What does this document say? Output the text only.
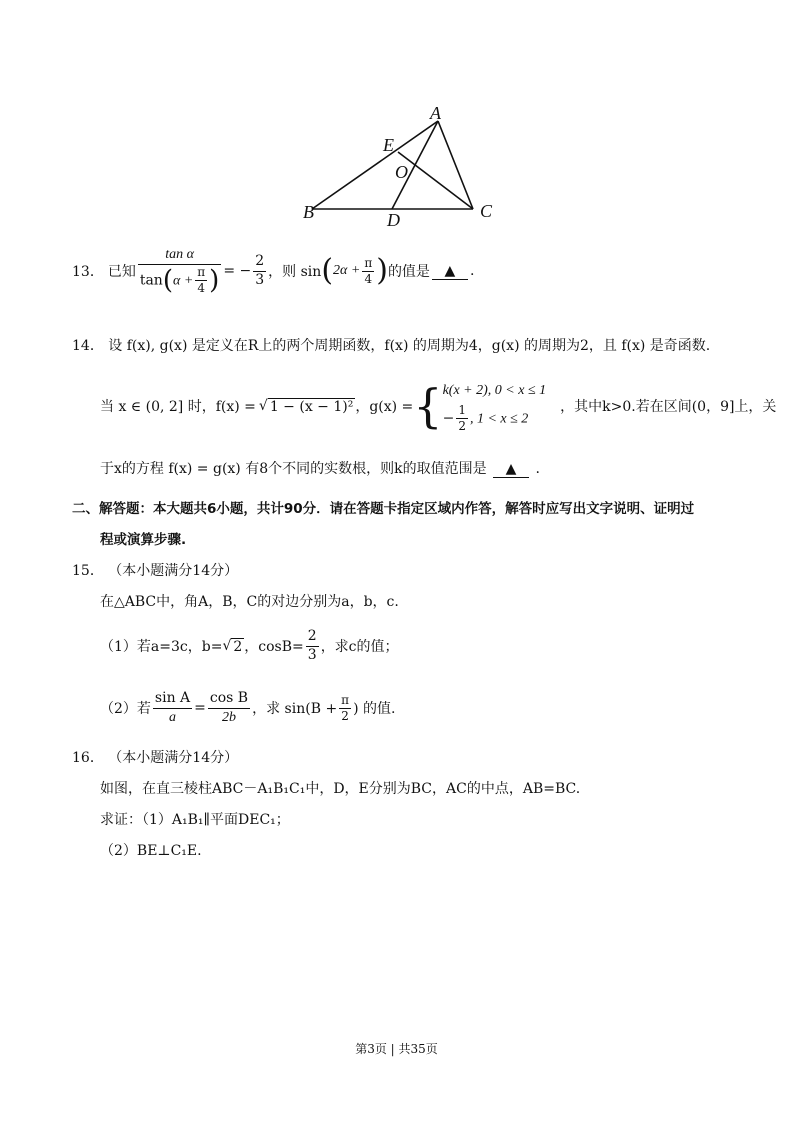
A
E
O
B	D	C
13． 已知 $\frac{\text{tan α}}{\tan(\alpha + \frac{\pi}{4} )}$ = − $\frac{2}{3}$ ，则 sin ( $2\alpha + \frac{\pi}{4}$ ) 的值是	▲	.
14． 设 f(x), g(x) 是定义在R上的两个周期函数，f(x) 的周期为4，g(x) 的周期为2，且 f(x) 是奇函数.
当 x ∈ (0, 2] 时，f(x) = √ 1 − (x − 1)² ，g(x) = { k(x + 2), 0 < x ≤ 1
− $\frac{1}{2}$ , 1 < x ≤ 2
，其中k>0.若在区间(0，9]上，关
于x的方程 f(x) = g(x) 有8个不同的实数根，则k的取值范围是 ▲ .
二、解答题：本大题共6小题，共计90分．请在答题卡指定区域内作答，解答时应写出文字说明、证明过
程或演算步骤.
15． （本小题满分14分）
在△ABC中，角A，B，C的对边分别为a，b，c.
（1）若a=3c，b= √ 2 ，$\cos B= \frac{2}{3}$ ，求c的值；
（2）若 $\frac{\text{sin A}}{a} = \frac{\text{cos B}}{2b}$ ，求 $\sin(B + \frac{\pi}{2}$ ) 的值.
16． （本小题满分14分）
如图，在直三棱柱ABC－A₁B₁C₁中，D，E分别为BC，AC的中点，AB=BC.
求证：（1）A₁B₁∥平面DEC₁；
（2）BE⊥C₁E.
第3页 | 共35页
